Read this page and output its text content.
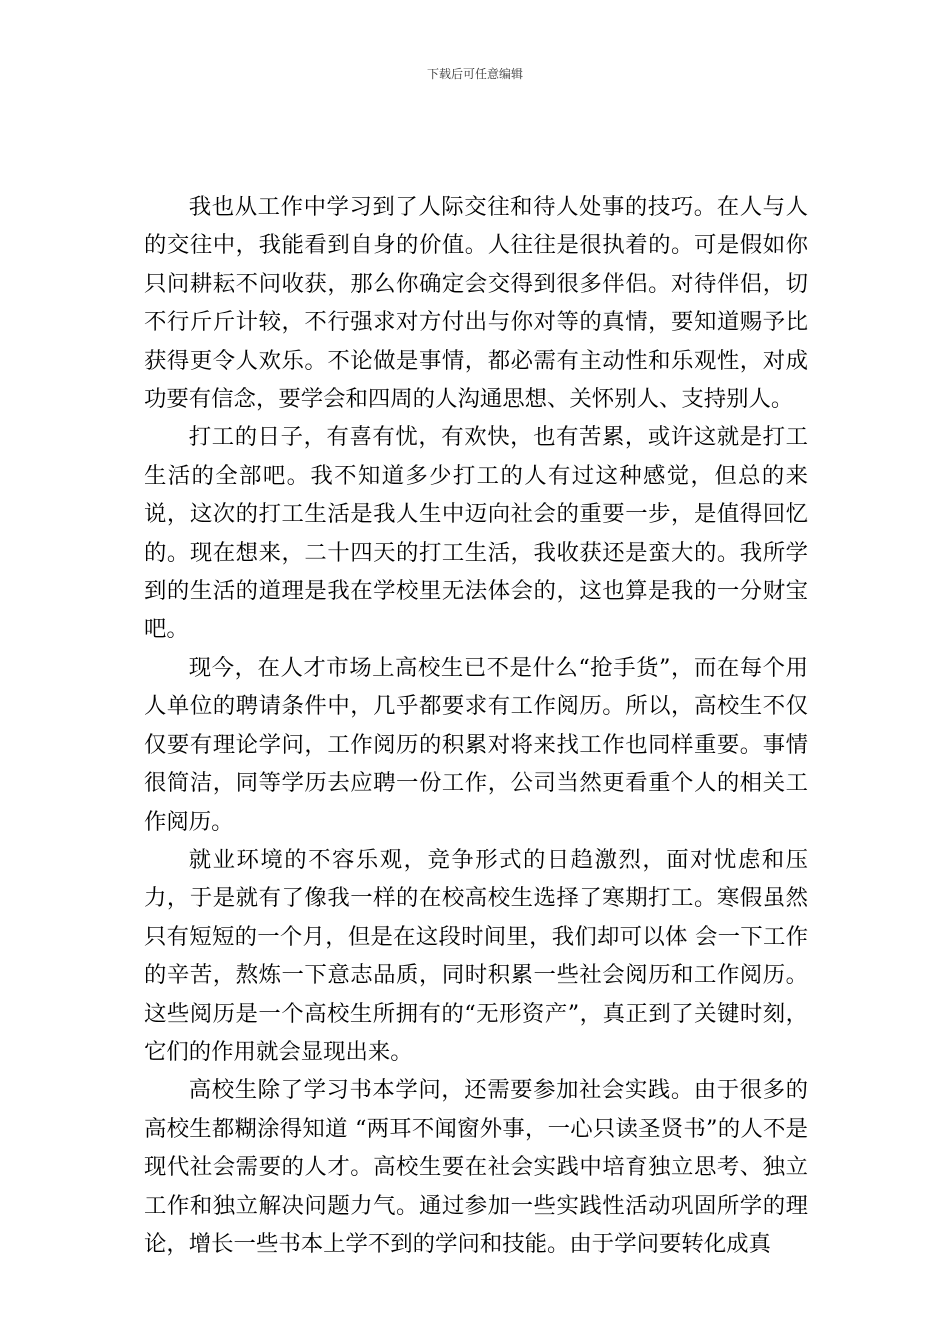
下载后可任意编辑

我也从工作中学习到了人际交往和待人处事的技巧。在人与人的交往中，我能看到自身的价值。人往往是很执着的。可是假如你只问耕耘不问收获，那么你确定会交得到很多伴侣。对待伴侣，切不行斤斤计较，不行强求对方付出与你对等的真情，要知道赐予比获得更令人欢乐。不论做是事情，都必需有主动性和乐观性，对成功要有信念，要学会和四周的人沟通思想、关怀别人、支持别人。

打工的日子，有喜有忧，有欢快，也有苦累，或许这就是打工生活的全部吧。我不知道多少打工的人有过这种感觉，但总的来说，这次的打工生活是我人生中迈向社会的重要一步，是值得回忆的。现在想来，二十四天的打工生活，我收获还是蛮大的。我所学到的生活的道理是我在学校里无法体会的，这也算是我的一分财宝吧。

现今，在人才市场上高校生已不是什么“抢手货”，而在每个用人单位的聘请条件中，几乎都要求有工作阅历。所以，高校生不仅仅要有理论学问，工作阅历的积累对将来找工作也同样重要。事情很简洁，同等学历去应聘一份工作，公司当然更看重个人的相关工作阅历。

就业环境的不容乐观，竞争形式的日趋激烈，面对忧虑和压力，于是就有了像我一样的在校高校生选择了寒期打工。寒假虽然只有短短的一个月，但是在这段时间里，我们却可以体 会一下工作的辛苦，熬炼一下意志品质，同时积累一些社会阅历和工作阅历。这些阅历是一个高校生所拥有的“无形资产”，真正到了关键时刻，它们的作用就会显现出来。

高校生除了学习书本学问，还需要参加社会实践。由于很多的高校生都糊涂得知道 “两耳不闻窗外事，一心只读圣贤书”的人不是现代社会需要的人才。高校生要在社会实践中培育独立思考、独立工作和独立解决问题力气。通过参加一些实践性活动巩固所学的理论，增长一些书本上学不到的学问和技能。由于学问要转化成真
